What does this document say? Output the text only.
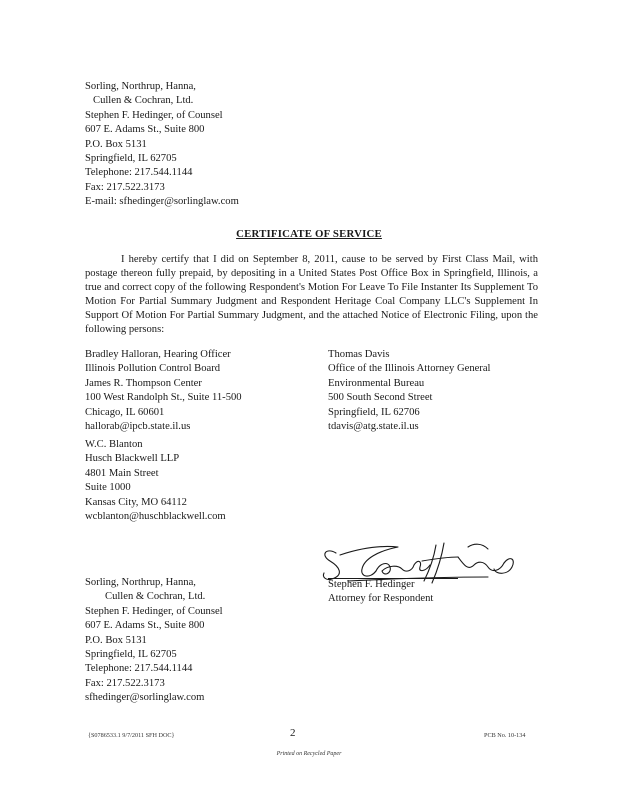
Sorling, Northrup, Hanna,
Cullen & Cochran, Ltd.
Stephen F. Hedinger, of Counsel
607 E. Adams St., Suite 800
P.O. Box 5131
Springfield, IL 62705
Telephone: 217.544.1144
Fax: 217.522.3173
E-mail: sfhedinger@sorlinglaw.com
CERTIFICATE OF SERVICE
I hereby certify that I did on September 8, 2011, cause to be served by First Class Mail, with postage thereon fully prepaid, by depositing in a United States Post Office Box in Springfield, Illinois, a true and correct copy of the following Respondent's Motion For Leave To File Instanter Its Supplement To Motion For Partial Summary Judgment and Respondent Heritage Coal Company LLC's Supplement In Support Of Motion For Partial Summary Judgment, and the attached Notice of Electronic Filing, upon the following persons:
Bradley Halloran, Hearing Officer
Illinois Pollution Control Board
James R. Thompson Center
100 West Randolph St., Suite 11-500
Chicago, IL 60601
hallorab@ipcb.state.il.us
Thomas Davis
Office of the Illinois Attorney General
Environmental Bureau
500 South Second Street
Springfield, IL 62706
tdavis@atg.state.il.us
W.C. Blanton
Husch Blackwell LLP
4801 Main Street
Suite 1000
Kansas City, MO 64112
wcblanton@huschblackwell.com
Stephen F. Hedinger
Attorney for Respondent
Sorling, Northrup, Hanna,
Cullen & Cochran, Ltd.
Stephen F. Hedinger, of Counsel
607 E. Adams St., Suite 800
P.O. Box 5131
Springfield, IL 62705
Telephone: 217.544.1144
Fax: 217.522.3173
sfhedinger@sorlinglaw.com
{S0786533.1 9/7/2011 SFH DOC}	2	PCB No. 10-134
Printed on Recycled Paper
